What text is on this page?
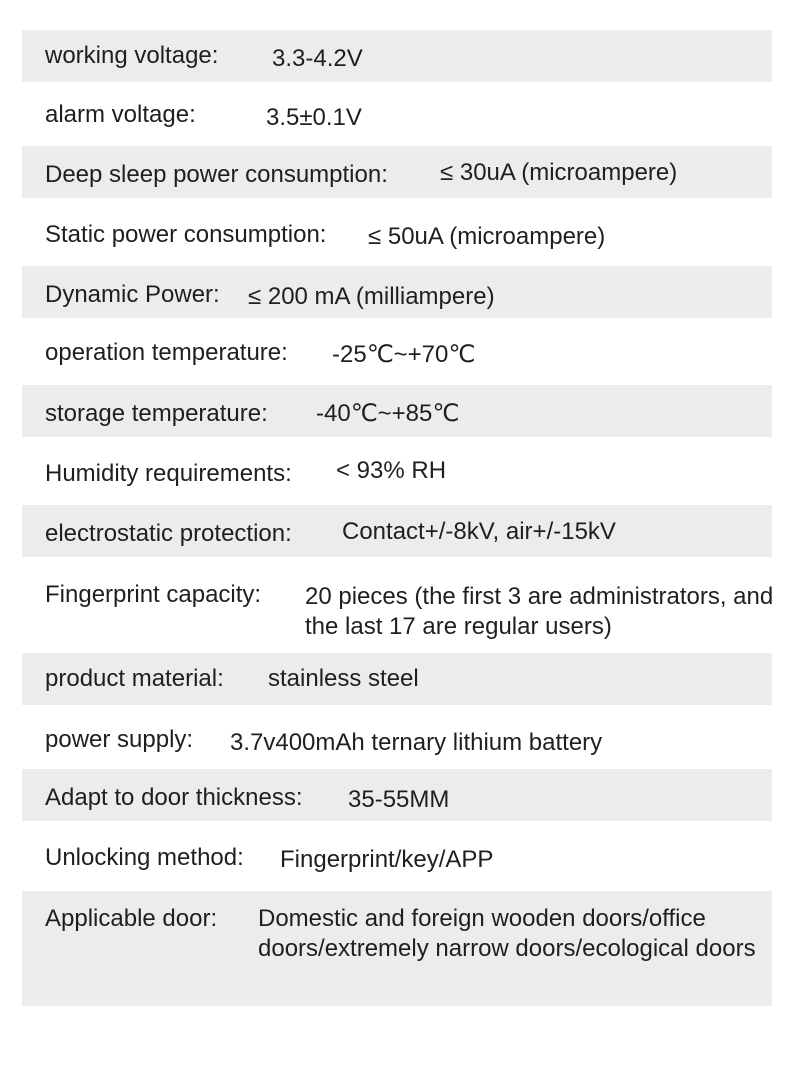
working voltage: 3.3-4.2V
alarm voltage:	3.5±0.1V
Deep sleep power consumption: ≤ 30uA (microampere)
Static power consumption: ≤ 50uA (microampere)
Dynamic Power: ≤ 200 mA (milliampere)
operation temperature: -25℃~+70℃
storage temperature: -40℃~+85℃
Humidity requirements: < 93% RH
electrostatic protection: Contact+/-8kV, air+/-15kV
Fingerprint capacity: 20 pieces (the first 3 are administrators, and the last 17 are regular users)
product material: stainless steel
power supply: 3.7v400mAh ternary lithium battery
Adapt to door thickness: 35-55MM
Unlocking method: Fingerprint/key/APP
Applicable door: Domestic and foreign wooden doors/office doors/extremely narrow doors/ecological doors
